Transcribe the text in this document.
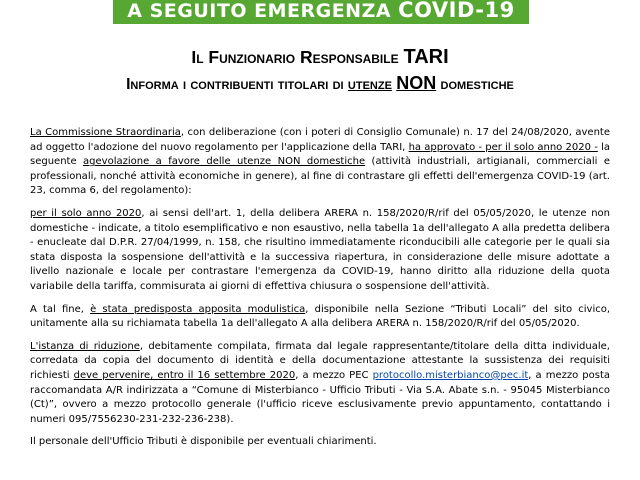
A SEGUITO EMERGENZA COVID-19
Il Funzionario Responsabile TARI
Informa i contribuenti titolari di utenze NON domestiche

La Commissione Straordinaria, con deliberazione (con i poteri di Consiglio Comunale) n. 17 del 24/08/2020, avente ad oggetto l'adozione del nuovo regolamento per l'applicazione della TARI, ha approvato - per il solo anno 2020 - la seguente agevolazione a favore delle utenze NON domestiche (attività industriali, artigianali, commerciali e professionali, nonché attività economiche in genere), al fine di contrastare gli effetti dell'emergenza COVID-19 (art. 23, comma 6, del regolamento):

per il solo anno 2020, ai sensi dell'art. 1, della delibera ARERA n. 158/2020/R/rif del 05/05/2020, le utenze non domestiche - indicate, a titolo esemplificativo e non esaustivo, nella tabella 1a dell'allegato A alla predetta delibera - enucleate dal D.P.R. 27/04/1999, n. 158, che risultino immediatamente riconducibili alle categorie per le quali sia stata disposta la sospensione dell'attività e la successiva riapertura, in considerazione delle misure adottate a livello nazionale e locale per contrastare l'emergenza da COVID-19, hanno diritto alla riduzione della quota variabile della tariffa, commisurata ai giorni di effettiva chiusura o sospensione dell'attività.

A tal fine, è stata predisposta apposita modulistica, disponibile nella Sezione “Tributi Locali” del sito civico, unitamente alla su richiamata tabella 1a dell'allegato A alla delibera ARERA n. 158/2020/R/rif del 05/05/2020.

L'istanza di riduzione, debitamente compilata, firmata dal legale rappresentante/titolare della ditta individuale, corredata da copia del documento di identità e della documentazione attestante la sussistenza dei requisiti richiesti deve pervenire, entro il 16 settembre 2020, a mezzo PEC protocollo.misterbianco@pec.it, a mezzo posta raccomandata A/R indirizzata a “Comune di Misterbianco - Ufficio Tributi - Via S.A. Abate s.n. - 95045 Misterbianco (Ct)”, ovvero a mezzo protocollo generale (l'ufficio riceve esclusivamente previo appuntamento, contattando i numeri 095/7556230-231-232-236-238).

Il personale dell'Ufficio Tributi è disponibile per eventuali chiarimenti.
